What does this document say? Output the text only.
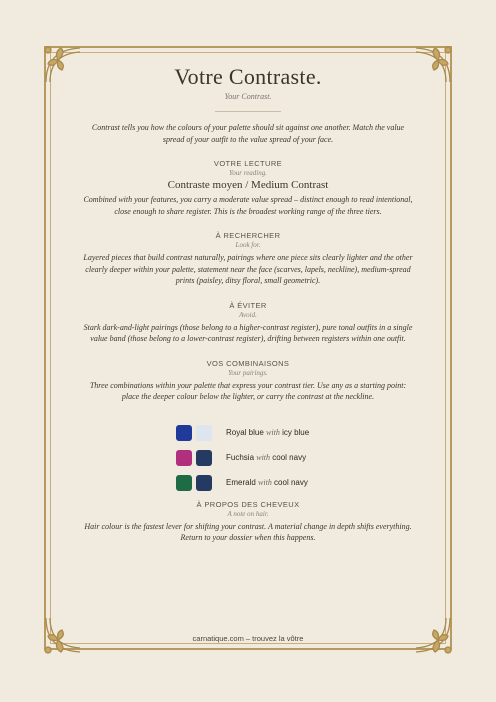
Votre Contraste.
Your Contrast.
Contrast tells you how the colours of your palette should sit against one another. Match the value spread of your outfit to the value spread of your face.
VOTRE LECTURE
Your reading.
Contraste moyen / Medium Contrast
Combined with your features, you carry a moderate value spread – distinct enough to read intentional, close enough to share register. This is the broadest working range of the three tiers.
À RECHERCHER
Look for.
Layered pieces that build contrast naturally, pairings where one piece sits clearly lighter and the other clearly deeper within your palette, statement near the face (scarves, lapels, neckline), medium-spread prints (paisley, ditsy floral, small geometric).
À ÉVITER
Avoid.
Stark dark-and-light pairings (those belong to a higher-contrast register), pure tonal outfits in a single value band (those belong to a lower-contrast register), drifting between registers within one outfit.
VOS COMBINAISONS
Your pairings.
Three combinations within your palette that express your contrast tier. Use any as a starting point: place the deeper colour below the lighter, or carry the contrast at the neckline.
Royal blue with icy blue
Fuchsia with cool navy
Emerald with cool navy
À PROPOS DES CHEVEUX
A note on hair.
Hair colour is the fastest lever for shifting your contrast. A material change in depth shifts everything. Return to your dossier when this happens.
carnatique.com – trouvez la vôtre
